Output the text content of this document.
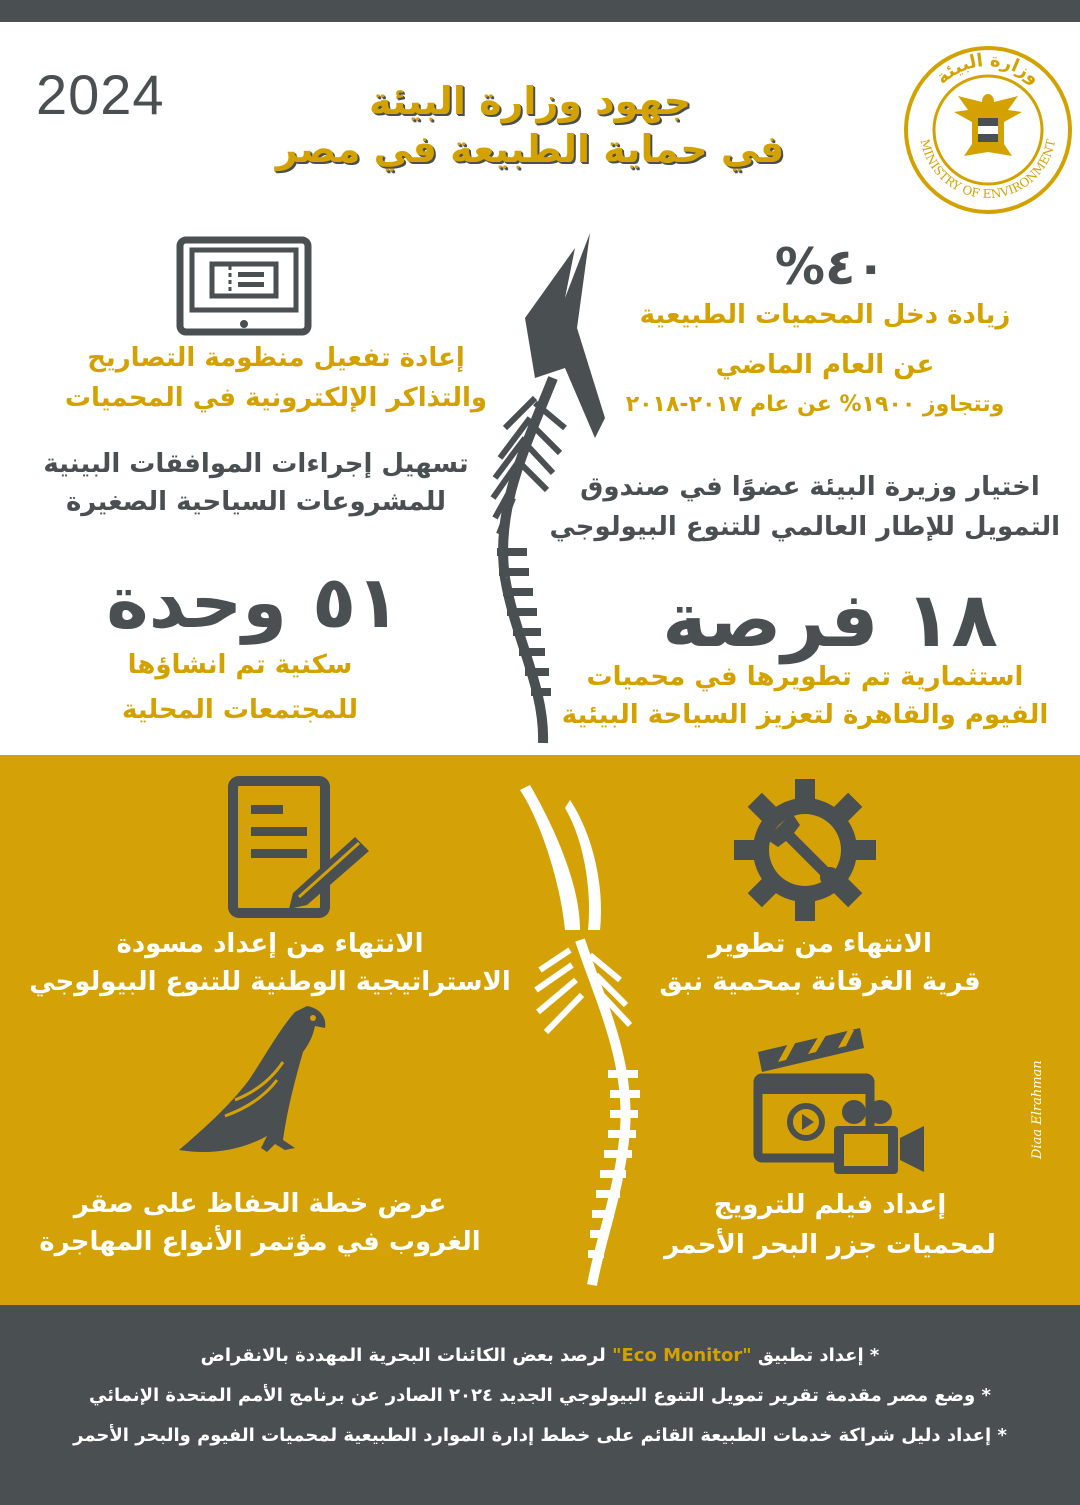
2024	جهود وزارة البيئة
في حماية الطبيعة في مصر
وزارة البيئة
MINISTRY OF ENVIRONMENT
٤٠%
زيادة دخل المحميات الطبيعية
عن العام الماضي
وتتجاوز ١٩٠٠% عن عام ٢٠١٧-٢٠١٨
اختيار وزيرة البيئة عضوًا في صندوق
التمويل للإطار العالمي للتنوع البيولوجي
١٨ فرصة
استثمارية تم تطويرها في محميات
الفيوم والقاهرة لتعزيز السياحة البيئية
إعادة تفعيل منظومة التصاريح
والتذاكر الإلكترونية في المحميات
تسهيل إجراءات الموافقات البينية
للمشروعات السياحية الصغيرة
٥١ وحدة
سكنية تم انشاؤها
للمجتمعات المحلية
الانتهاء من تطوير
قرية الغرقانة بمحمية نبق
الانتهاء من إعداد مسودة
الاستراتيجية الوطنية للتنوع البيولوجي
إعداد فيلم للترويج
لمحميات جزر البحر الأحمر
عرض خطة الحفاظ على صقر
الغروب في مؤتمر الأنواع المهاجرة
Diaa Elrahman
* إعداد تطبيق "Eco Monitor" لرصد بعض الكائنات البحرية المهددة بالانقراض
* وضع مصر مقدمة تقرير تمويل التنوع البيولوجي الجديد ٢٠٢٤ الصادر عن برنامج الأمم المتحدة الإنمائي
* إعداد دليل شراكة خدمات الطبيعة القائم على خطط إدارة الموارد الطبيعية لمحميات الفيوم والبحر الأحمر
